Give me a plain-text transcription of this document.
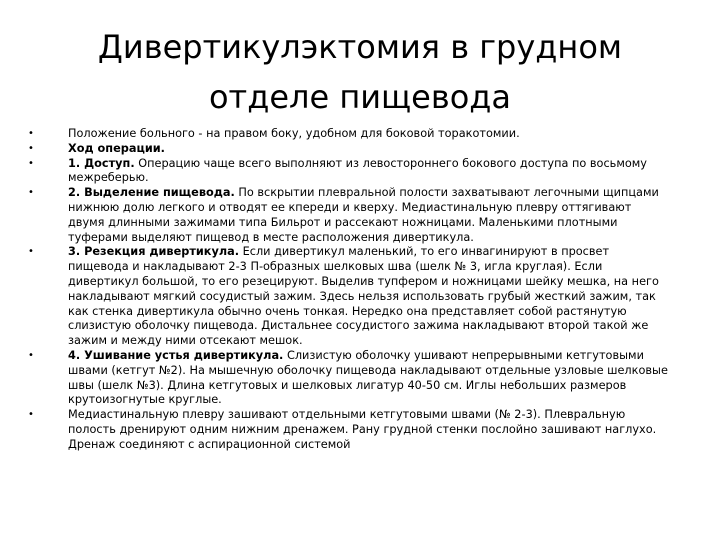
Дивертикулэктомия в грудном
отделе пищевода
•	Положение больного - на правом боку, удобном для боковой торакотомии.
•	Ход операции.
•	1. Доступ. Операцию чаще всего выполняют из левостороннего бокового доступа по восьмому межреберью.
•	2. Выделение пищевода. По вскрытии плевральной полости захватывают легочными щипцами нижнюю долю легкого и отводят ее кпереди и кверху. Медиастинальную плевру оттягивают двумя длинными зажимами типа Бильрот и рассекают ножницами. Маленькими плотными туферами выделяют пищевод в месте расположения дивертикула.
•	3. Резекция дивертикула. Если дивертикул маленький, то его инвагинируют в просвет пищевода и накладывают 2-3 П-образных шелковых шва (шелк № 3, игла круглая). Если дивертикул большой, то его резецируют. Выделив тупфером и ножницами шейку мешка, на него накладывают мягкий сосудистый зажим. Здесь нельзя использовать грубый жесткий зажим, так как стенка дивертикула обычно очень тонкая. Нередко она представляет собой растянутую слизистую оболочку пищевода. Дистальнее сосудистого зажима накладывают второй такой же зажим и между ними отсекают мешок.
•	4. Ушивание устья дивертикула. Слизистую оболочку ушивают непрерывными кетгутовыми швами (кетгут №2). На мышечную оболочку пищевода накладывают отдельные узловые шелковые швы (шелк №3). Длина кетгутовых и шелковых лигатур 40-50 см. Иглы небольших размеров крутоизогнутые круглые.
•	Медиастинальную плевру зашивают отдельными кетгутовыми швами (№ 2-3). Плевральную полость дренируют одним нижним дренажем. Рану грудной стенки послойно зашивают наглухо. Дренаж соединяют с аспирационной системой
